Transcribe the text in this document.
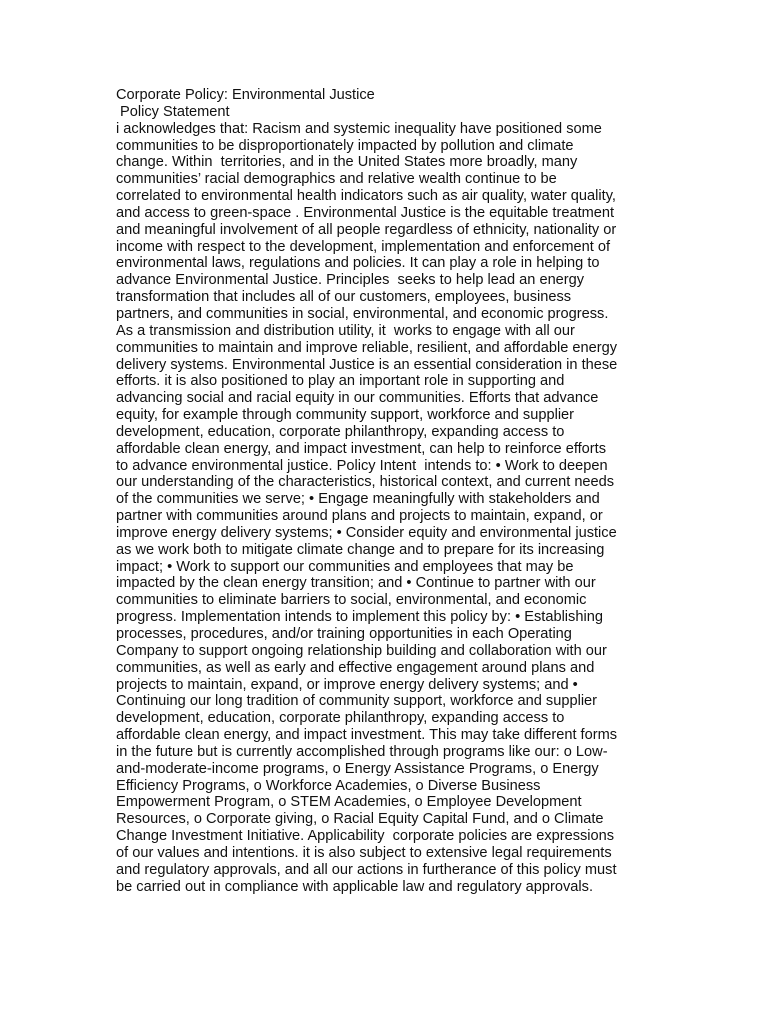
Corporate Policy: Environmental Justice
Policy Statement
i acknowledges that: Racism and systemic inequality have positioned some
communities to be disproportionately impacted by pollution and climate
change. Within  territories, and in the United States more broadly, many
communities’ racial demographics and relative wealth continue to be
correlated to environmental health indicators such as air quality, water quality,
and access to green-space . Environmental Justice is the equitable treatment
and meaningful involvement of all people regardless of ethnicity, nationality or
income with respect to the development, implementation and enforcement of
environmental laws, regulations and policies. It can play a role in helping to
advance Environmental Justice. Principles  seeks to help lead an energy
transformation that includes all of our customers, employees, business
partners, and communities in social, environmental, and economic progress.
As a transmission and distribution utility, it  works to engage with all our
communities to maintain and improve reliable, resilient, and affordable energy
delivery systems. Environmental Justice is an essential consideration in these
efforts. it is also positioned to play an important role in supporting and
advancing social and racial equity in our communities. Efforts that advance
equity, for example through community support, workforce and supplier
development, education, corporate philanthropy, expanding access to
affordable clean energy, and impact investment, can help to reinforce efforts
to advance environmental justice. Policy Intent  intends to: • Work to deepen
our understanding of the characteristics, historical context, and current needs
of the communities we serve; • Engage meaningfully with stakeholders and
partner with communities around plans and projects to maintain, expand, or
improve energy delivery systems; • Consider equity and environmental justice
as we work both to mitigate climate change and to prepare for its increasing
impact; • Work to support our communities and employees that may be
impacted by the clean energy transition; and • Continue to partner with our
communities to eliminate barriers to social, environmental, and economic
progress. Implementation intends to implement this policy by: • Establishing
processes, procedures, and/or training opportunities in each Operating
Company to support ongoing relationship building and collaboration with our
communities, as well as early and effective engagement around plans and
projects to maintain, expand, or improve energy delivery systems; and •
Continuing our long tradition of community support, workforce and supplier
development, education, corporate philanthropy, expanding access to
affordable clean energy, and impact investment. This may take different forms
in the future but is currently accomplished through programs like our: o Low-
and-moderate-income programs, o Energy Assistance Programs, o Energy
Efficiency Programs, o Workforce Academies, o Diverse Business
Empowerment Program, o STEM Academies, o Employee Development
Resources, o Corporate giving, o Racial Equity Capital Fund, and o Climate
Change Investment Initiative. Applicability  corporate policies are expressions
of our values and intentions. it is also subject to extensive legal requirements
and regulatory approvals, and all our actions in furtherance of this policy must
be carried out in compliance with applicable law and regulatory approvals.
